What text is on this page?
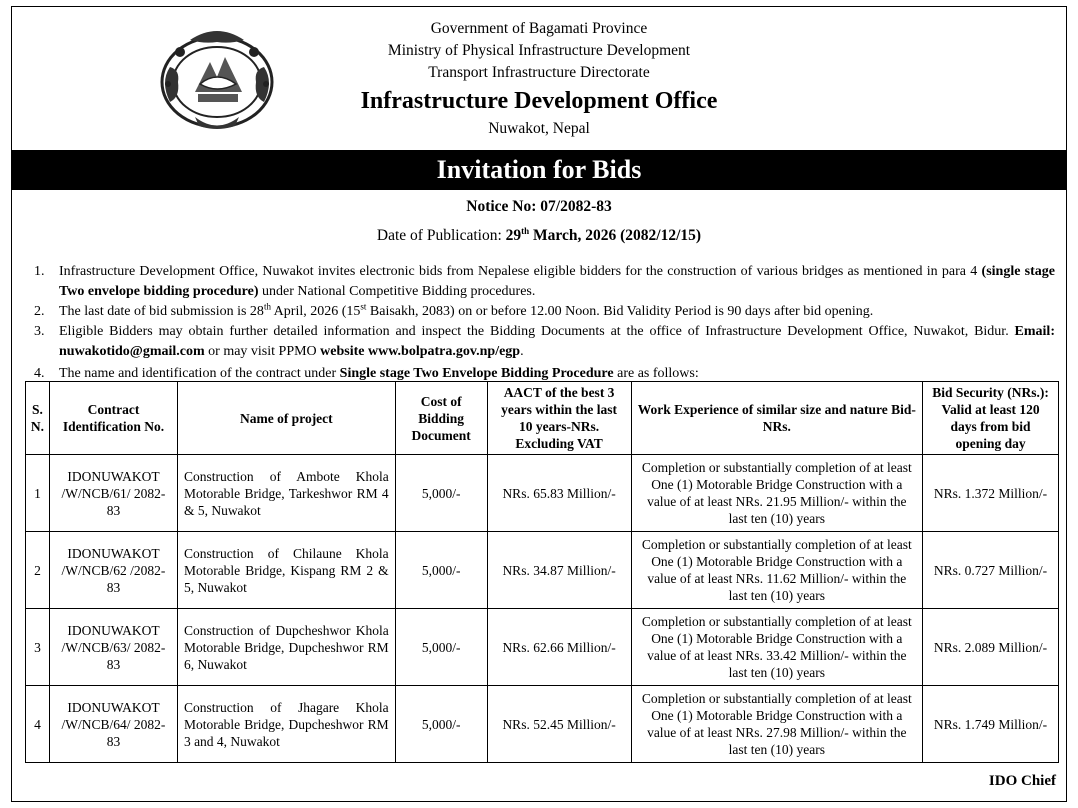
Government of Bagamati Province
Ministry of Physical Infrastructure Development
Transport Infrastructure Directorate
Infrastructure Development Office
Nuwakot, Nepal
Invitation for Bids
Notice No: 07/2082-83
Date of Publication: 29th March, 2026 (2082/12/15)
1. Infrastructure Development Office, Nuwakot invites electronic bids from Nepalese eligible bidders for the construction of various bridges as mentioned in para 4 (single stage Two envelope bidding procedure) under National Competitive Bidding procedures.
2. The last date of bid submission is 28th April, 2026 (15st Baisakh, 2083) on or before 12.00 Noon. Bid Validity Period is 90 days after bid opening.
3. Eligible Bidders may obtain further detailed information and inspect the Bidding Documents at the office of Infrastructure Development Office, Nuwakot, Bidur. Email: nuwakotido@gmail.com or may visit PPMO website www.bolpatra.gov.np/egp.
4. The name and identification of the contract under Single stage Two Envelope Bidding Procedure are as follows:
S. N.	Contract Identification No.	Name of project	Cost of Bidding Document	AACT of the best 3 years within the last 10 years-NRs. Excluding VAT	Work Experience of similar size and nature Bid-NRs.	Bid Security (NRs.): Valid at least 120 days from bid opening day
1	IDONUWAKOT /W/NCB/61/ 2082-83	Construction of Ambote Khola Motorable Bridge, Tarkeshwor RM 4 & 5, Nuwakot	5,000/-	NRs. 65.83 Million/-	Completion or substantially completion of at least One (1) Motorable Bridge Construction with a value of at least NRs. 21.95 Million/- within the last ten (10) years	NRs. 1.372 Million/-
2	IDONUWAKOT /W/NCB/62 /2082-83	Construction of Chilaune Khola Motorable Bridge, Kispang RM 2 & 5, Nuwakot	5,000/-	NRs. 34.87 Million/-	Completion or substantially completion of at least One (1) Motorable Bridge Construction with a value of at least NRs. 11.62 Million/- within the last ten (10) years	NRs. 0.727 Million/-
3	IDONUWAKOT /W/NCB/63/ 2082-83	Construction of Dupcheshwor Khola Motorable Bridge, Dupcheshwor RM 6, Nuwakot	5,000/-	NRs. 62.66 Million/-	Completion or substantially completion of at least One (1) Motorable Bridge Construction with a value of at least NRs. 33.42 Million/- within the last ten (10) years	NRs. 2.089 Million/-
4	IDONUWAKOT /W/NCB/64/ 2082-83	Construction of Jhagare Khola Motorable Bridge, Dupcheshwor RM 3 and 4, Nuwakot	5,000/-	NRs. 52.45 Million/-	Completion or substantially completion of at least One (1) Motorable Bridge Construction with a value of at least NRs. 27.98 Million/- within the last ten (10) years	NRs. 1.749 Million/-
IDO Chief
